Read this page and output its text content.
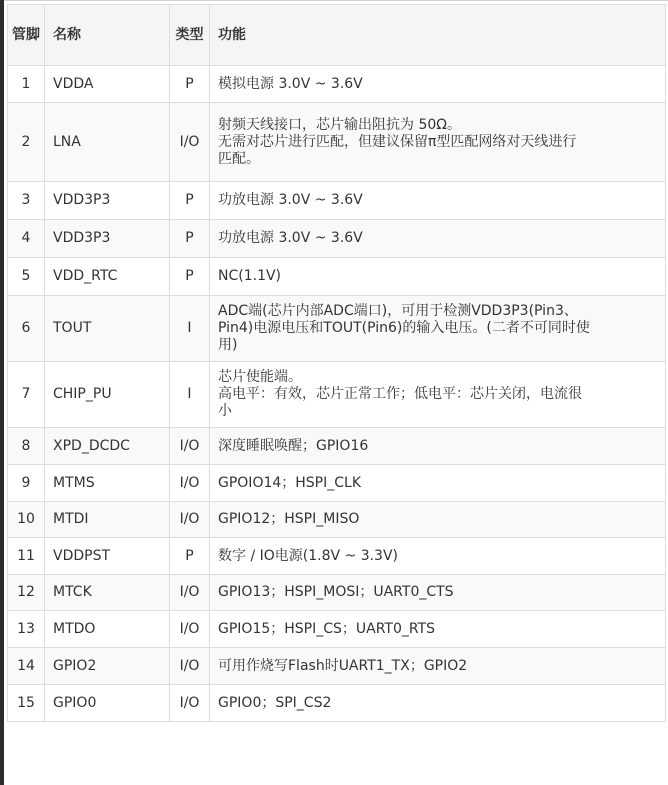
管脚	名称	类型	功能
1	VDDA	P	模拟电源 3.0V ~ 3.6V

2	LNA	I/O	射频天线接口，芯片输出阻抗为 50Ω。
无需对芯片进行匹配，但建议保留π型匹配网络对天线进行
匹配。

3	VDD3P3	P	功放电源 3.0V ~ 3.6V

4	VDD3P3	P	功放电源 3.0V ~ 3.6V

5	VDD_RTC	P	NC(1.1V)

6	TOUT	I	ADC端(芯片内部ADC端口)，可用于检测VDD3P3(Pin3、
Pin4)电源电压和TOUT(Pin6)的输入电压。(二者不可同时使
用)

7	CHIP_PU	I	芯片使能端。
高电平：有效，芯片正常工作；低电平：芯片关闭，电流很
小

8	XPD_DCDC	I/O	深度睡眠唤醒；GPIO16

9	MTMS	I/O	GPOIO14；HSPI_CLK

10	MTDI	I/O	GPIO12；HSPI_MISO

11	VDDPST	P	数字 / IO电源(1.8V ~ 3.3V)

12	MTCK	I/O	GPIO13；HSPI_MOSI；UART0_CTS

13	MTDO	I/O	GPIO15；HSPI_CS；UART0_RTS

14	GPIO2	I/O	可用作烧写Flash时UART1_TX；GPIO2

15	GPIO0	I/O	GPIO0；SPI_CS2
